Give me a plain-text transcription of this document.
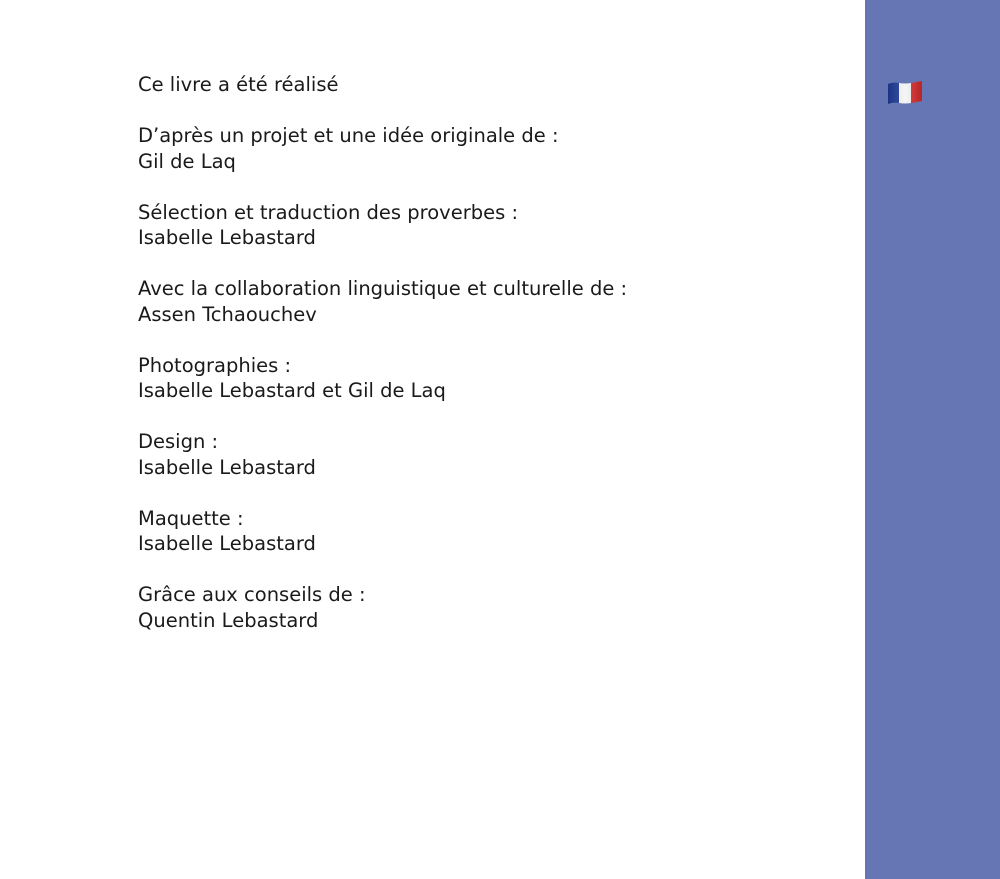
Ce livre a été réalisé
D’après un projet et une idée originale de :
Gil de Laq
Sélection et traduction des proverbes :
Isabelle Lebastard
Avec la collaboration linguistique et culturelle de :
Assen Tchaouchev
Photographies :
Isabelle Lebastard et Gil de Laq
Design :
Isabelle Lebastard
Maquette :
Isabelle Lebastard
Grâce aux conseils de :
Quentin Lebastard
